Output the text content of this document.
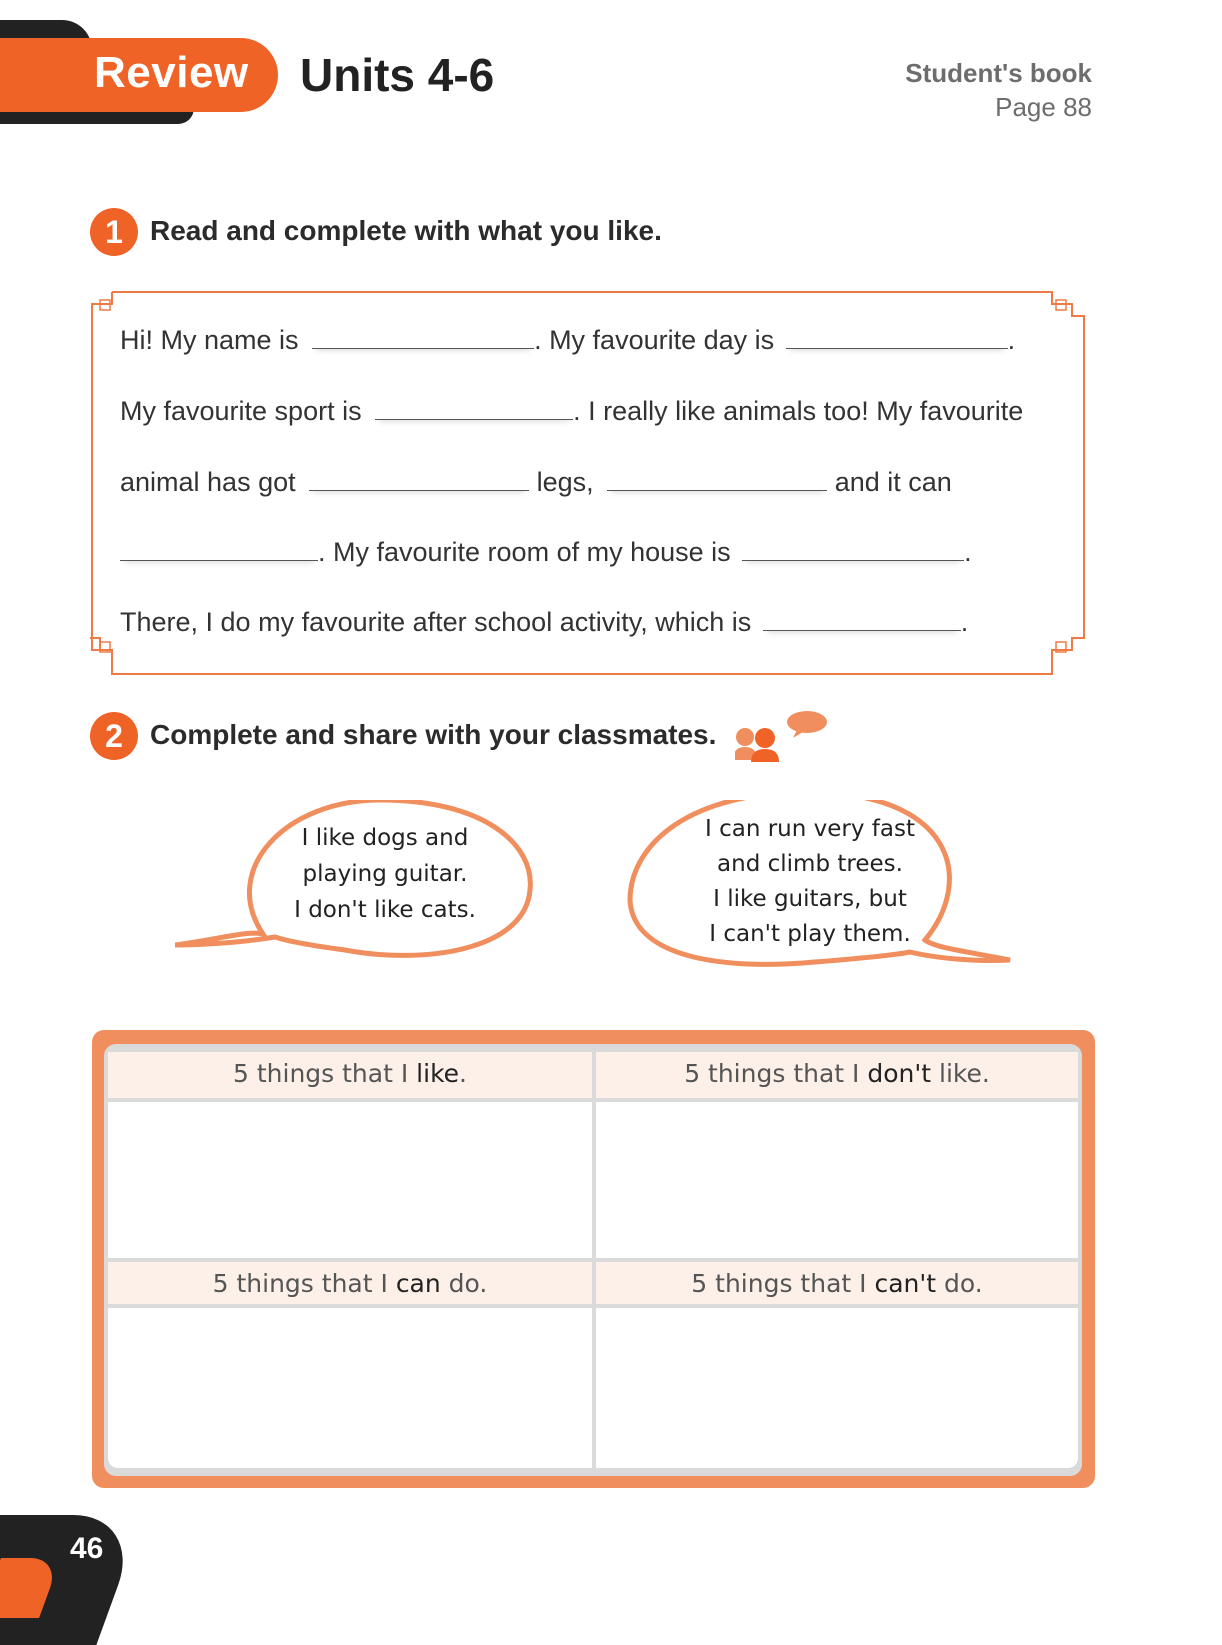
Review Units 4-6	Student's book
Page 88
1 Read and complete with what you like.
Hi! My name is	. My favourite day is	.
My favourite sport is	. I really like animals too! My favourite
animal has got	legs,	and it can
. My favourite room of my house is	.
There, I do my favourite after school activity, which is	.
2 Complete and share with your classmates.
I like dogs and
playing guitar.
I don't like cats.
I can run very fast
and climb trees.
I like guitars, but
I can't play them.
5 things that I like.	5 things that I don't like.
5 things that I can do.	5 things that I can't do.
46
